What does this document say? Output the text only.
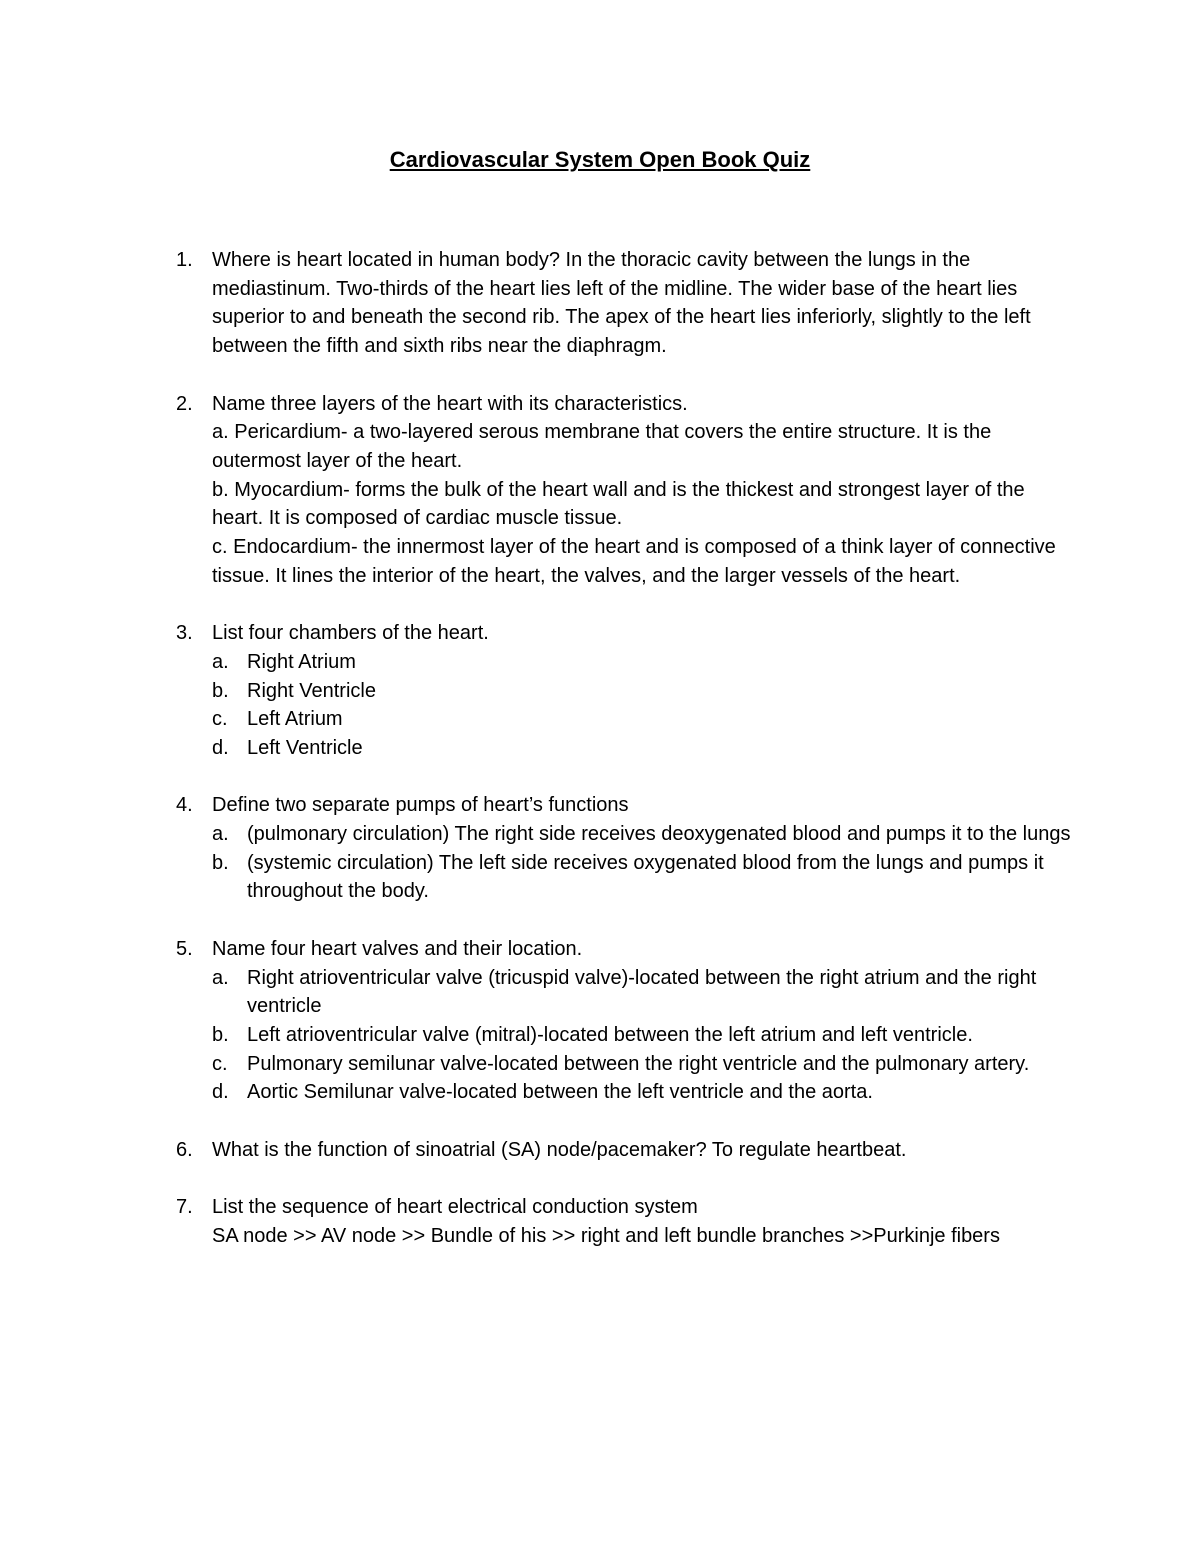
Cardiovascular System Open Book Quiz
1. Where is heart located in human body? In the thoracic cavity between the lungs in the mediastinum. Two-thirds of the heart lies left of the midline. The wider base of the heart lies superior to and beneath the second rib. The apex of the heart lies inferiorly, slightly to the left between the fifth and sixth ribs near the diaphragm.
2. Name three layers of the heart with its characteristics.
a. Pericardium- a two-layered serous membrane that covers the entire structure. It is the outermost layer of the heart.
b. Myocardium- forms the bulk of the heart wall and is the thickest and strongest layer of the heart. It is composed of cardiac muscle tissue.
c. Endocardium- the innermost layer of the heart and is composed of a think layer of connective tissue. It lines the interior of the heart, the valves, and the larger vessels of the heart.
3. List four chambers of the heart.
a. Right Atrium
b. Right Ventricle
c. Left Atrium
d. Left Ventricle
4. Define two separate pumps of heart’s functions
a. (pulmonary circulation) The right side receives deoxygenated blood and pumps it to the lungs
b. (systemic circulation) The left side receives oxygenated blood from the lungs and pumps it throughout the body.
5. Name four heart valves and their location.
a. Right atrioventricular valve (tricuspid valve)-located between the right atrium and the right ventricle
b. Left atrioventricular valve (mitral)-located between the left atrium and left ventricle.
c. Pulmonary semilunar valve-located between the right ventricle and the pulmonary artery.
d. Aortic Semilunar valve-located between the left ventricle and the aorta.
6. What is the function of sinoatrial (SA) node/pacemaker? To regulate heartbeat.
7. List the sequence of heart electrical conduction system
SA node >> AV node >> Bundle of his >> right and left bundle branches >>Purkinje fibers
